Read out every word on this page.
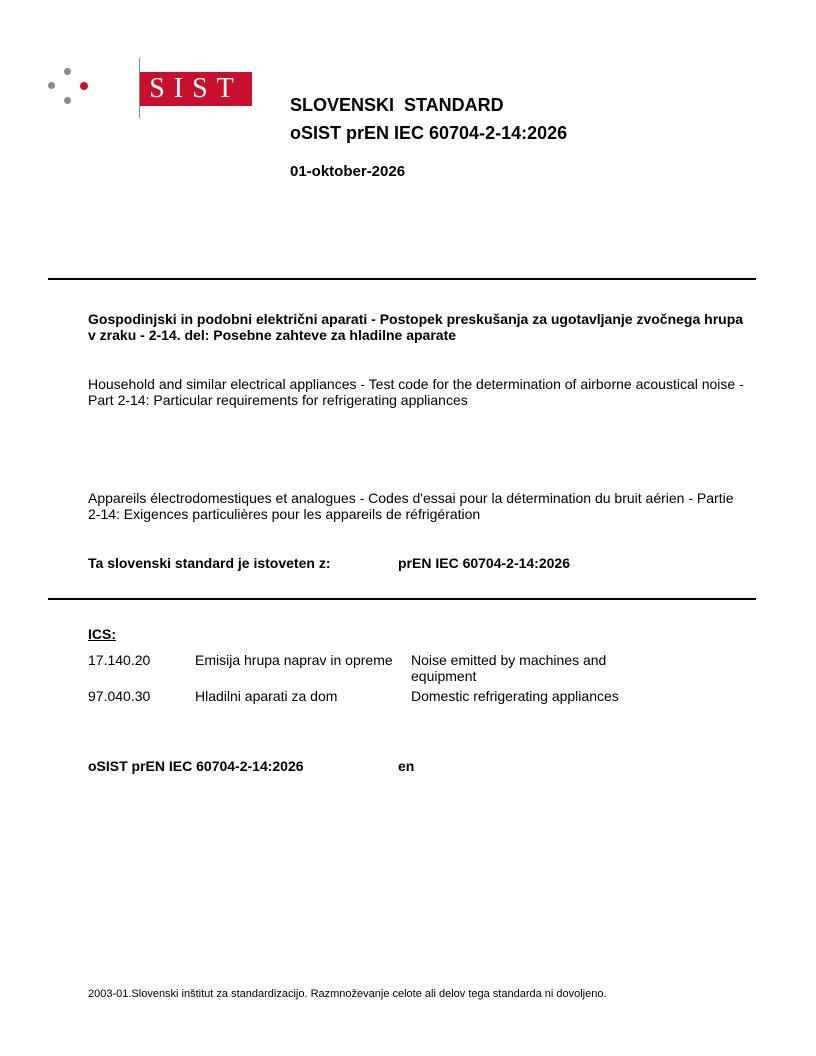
SIST
SLOVENSKI  STANDARD
oSIST prEN IEC 60704-2-14:2026
01-oktober-2026
Gospodinjski in podobni električni aparati - Postopek preskušanja za ugotavljanje zvočnega hrupa v zraku - 2-14. del: Posebne zahteve za hladilne aparate
Household and similar electrical appliances - Test code for the determination of airborne acoustical noise - Part 2-14: Particular requirements for refrigerating appliances
Appareils électrodomestiques et analogues - Codes d'essai pour la détermination du bruit aérien - Partie 2-14: Exigences particulières pour les appareils de réfrigération
Ta slovenski standard je istoveten z:	prEN IEC 60704-2-14:2026
ICS:
17.140.20	Emisija hrupa naprav in opreme	Noise emitted by machines and equipment
97.040.30	Hladilni aparati za dom	Domestic refrigerating appliances
oSIST prEN IEC 60704-2-14:2026	en
2003-01.Slovenski inštitut za standardizacijo. Razmnoževanje celote ali delov tega standarda ni dovoljeno.
